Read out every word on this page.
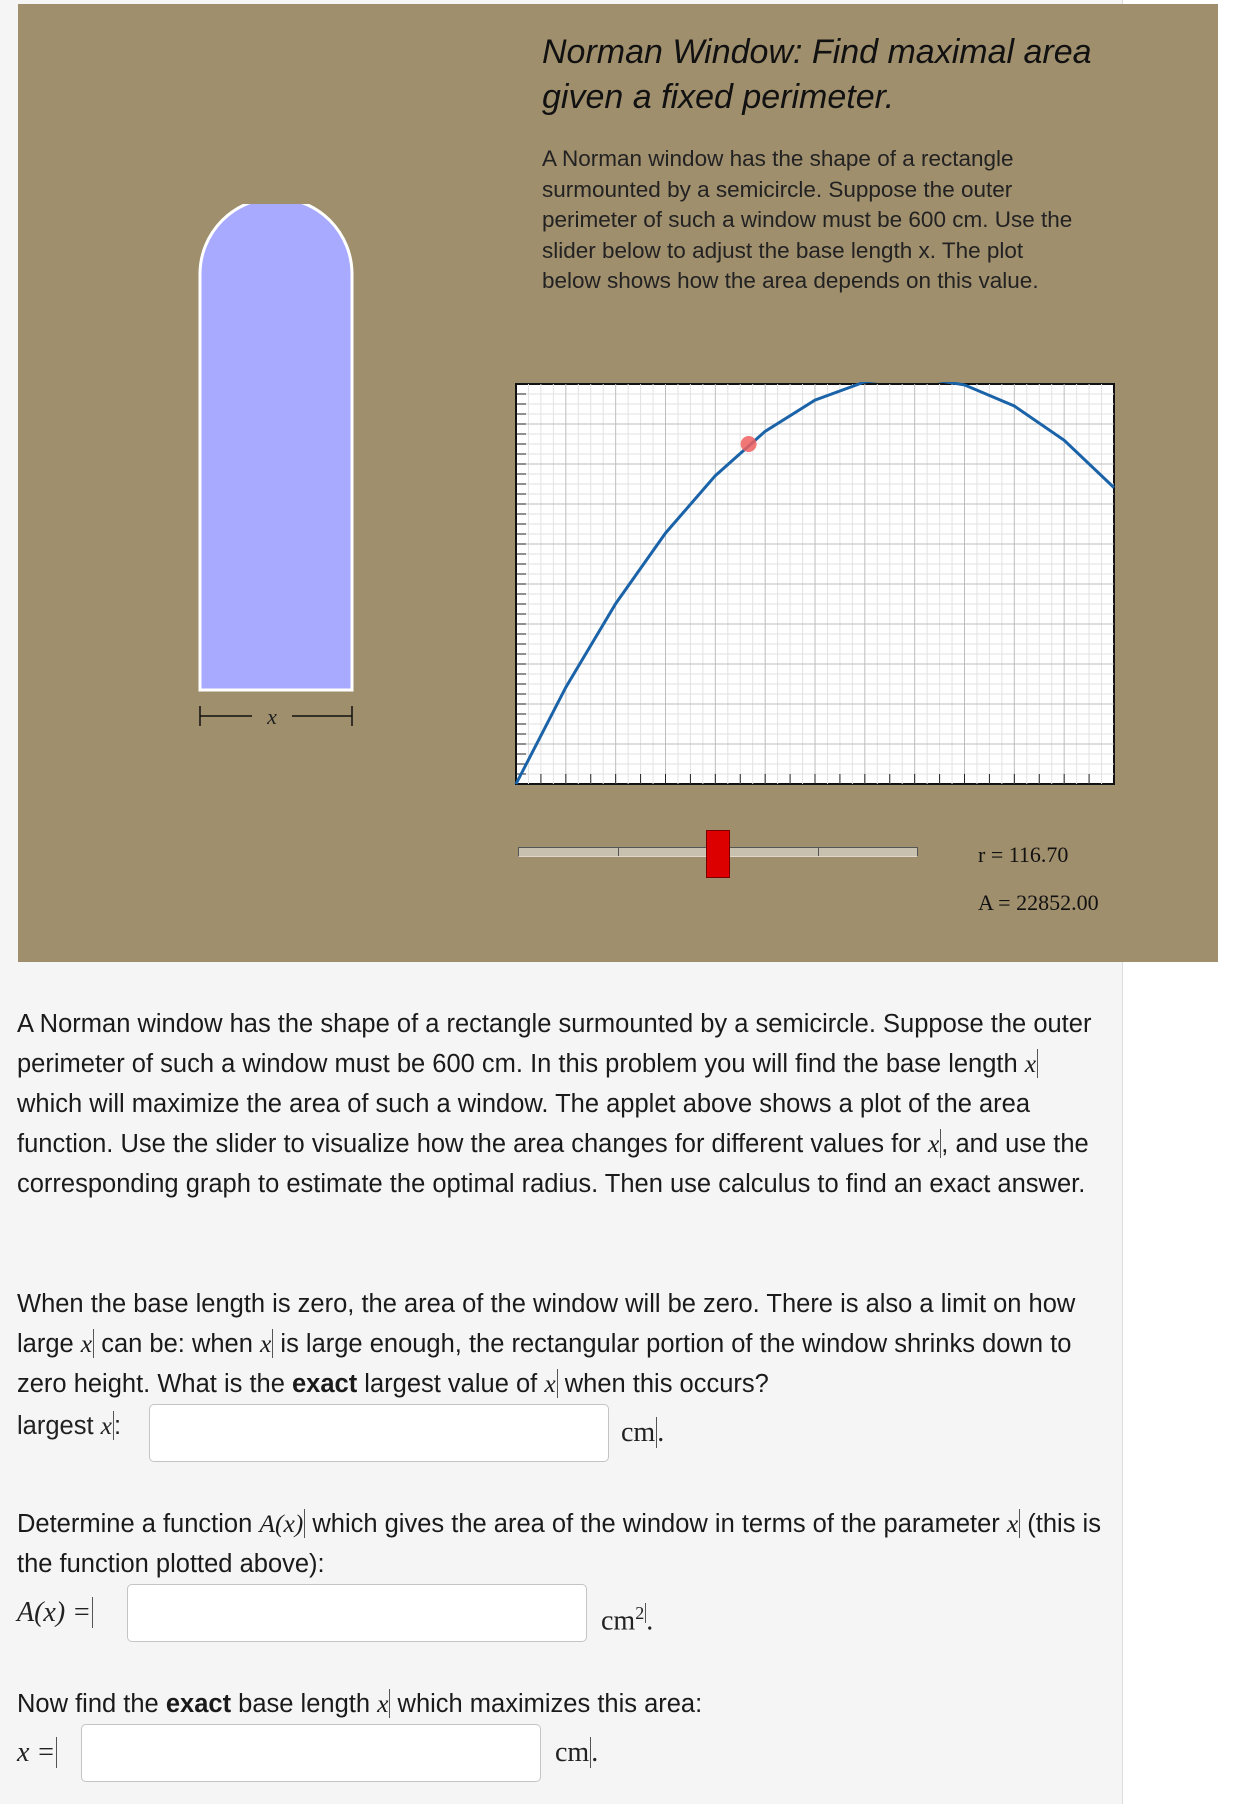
Norman Window: Find maximal area given a fixed perimeter.

A Norman window has the shape of a rectangle surmounted by a semicircle. Suppose the outer perimeter of such a window must be 600 cm. Use the slider below to adjust the base length x. The plot below shows how the area depends on this value.

x
r = 116.70
A = 22852.00

A Norman window has the shape of a rectangle surmounted by a semicircle. Suppose the outer perimeter of such a window must be 600 cm. In this problem you will find the base length x which will maximize the area of such a window. The applet above shows a plot of the area function. Use the slider to visualize how the area changes for different values for x, and use the corresponding graph to estimate the optimal radius. Then use calculus to find an exact answer.

When the base length is zero, the area of the window will be zero. There is also a limit on how large x can be: when x is large enough, the rectangular portion of the window shrinks down to zero height. What is the exact largest value of x when this occurs?

largest x:	cm.

Determine a function A(x) which gives the area of the window in terms of the parameter x (this is the function plotted above):

A(x) =	$cm^2$.

Now find the exact base length x which maximizes this area:

x =	cm.
